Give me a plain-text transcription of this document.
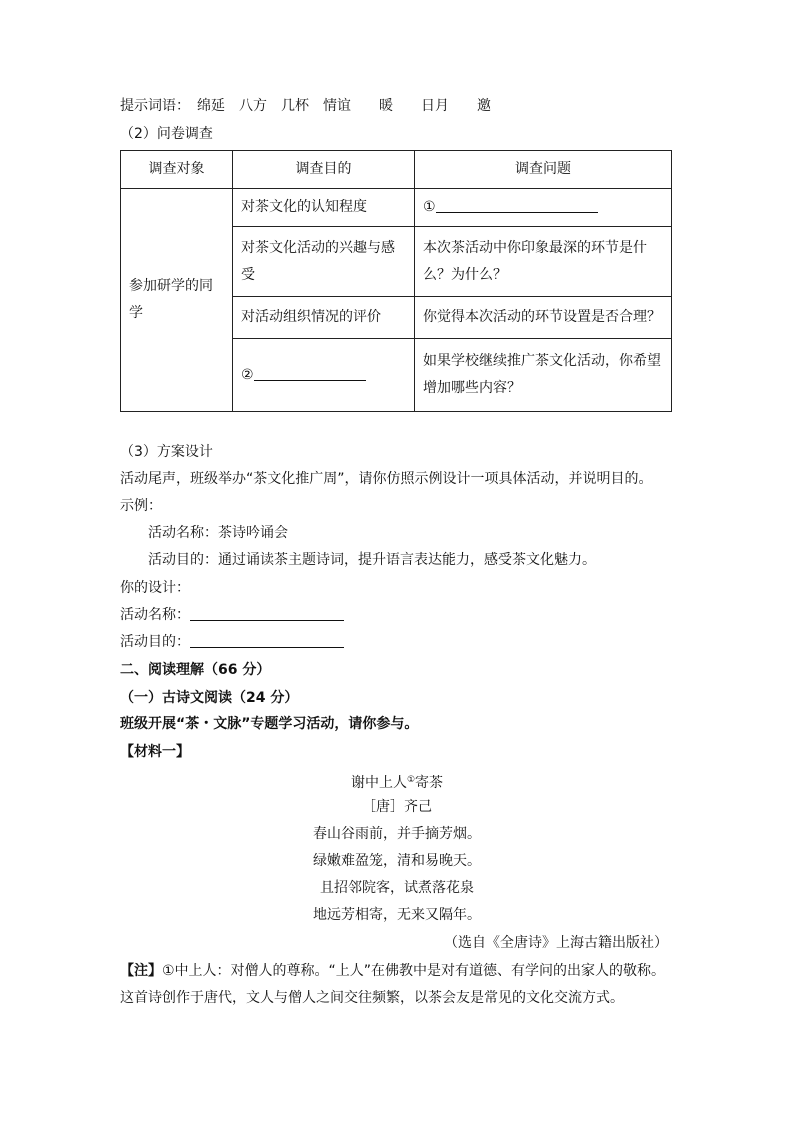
提示词语：　绵延　八方　几杯　情谊　　暖　　日月　　邀
（2）问卷调查
调查对象	调查目的	调查问题
参加研学的同学	对茶文化的认知程度	①
	对茶文化活动的兴趣与感受	本次茶活动中你印象最深的环节是什么？为什么？
	对活动组织情况的评价	你觉得本次活动的环节设置是否合理？
	②	如果学校继续推广茶文化活动，你希望增加哪些内容？
（3）方案设计
活动尾声，班级举办“茶文化推广周”，请你仿照示例设计一项具体活动，并说明目的。
示例：
活动名称：茶诗吟诵会
活动目的：通过诵读茶主题诗词，提升语言表达能力，感受茶文化魅力。
你的设计：
活动名称：
活动目的：
二、阅读理解（66 分）
（一）古诗文阅读（24 分）
班级开展“茶・文脉”专题学习活动，请你参与。
【材料一】
谢中上人①寄茶
［唐］齐己
春山谷雨前，并手摘芳烟。
绿嫩难盈笼，清和易晚天。
且招邻院客，试煮落花泉
地远芳相寄，无来又隔年。
（选自《全唐诗》上海古籍出版社）
【注】①中上人：对僧人的尊称。“上人”在佛教中是对有道德、有学问的出家人的敬称。
这首诗创作于唐代，文人与僧人之间交往频繁，以茶会友是常见的文化交流方式。
